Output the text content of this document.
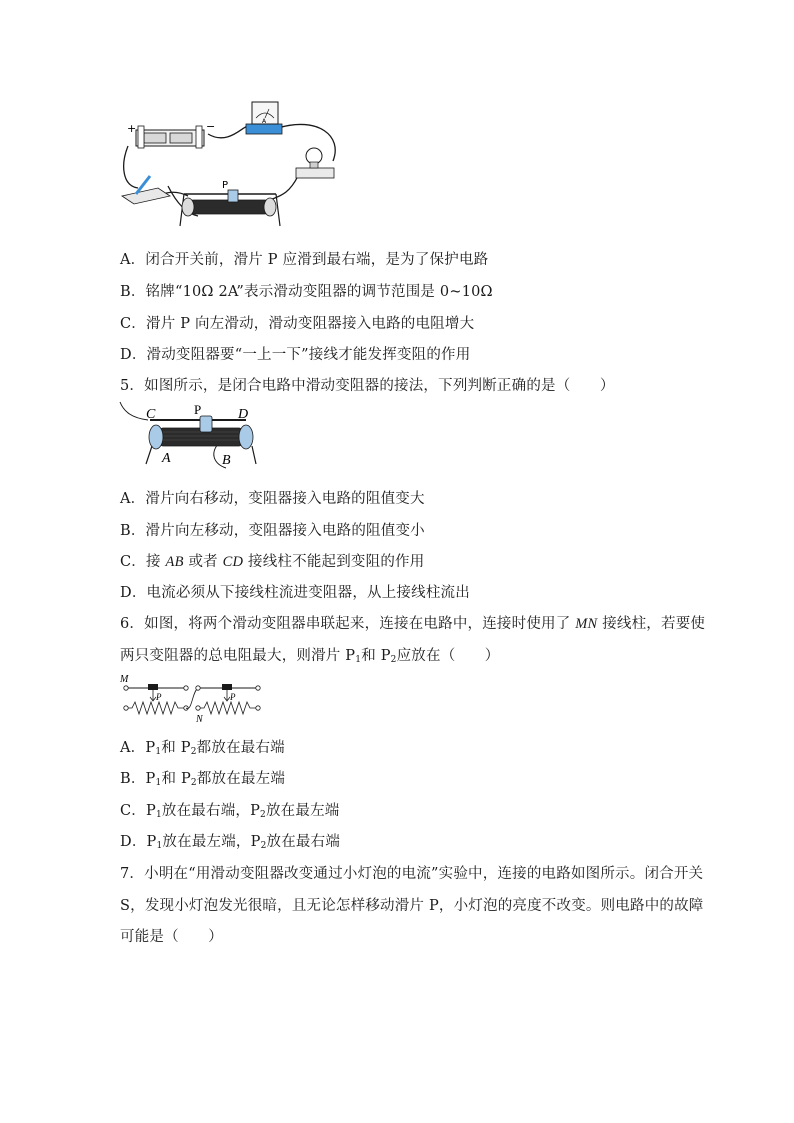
+	−	A
P
A．闭合开关前，滑片 P 应滑到最右端，是为了保护电路
B．铭牌“10Ω 2A”表示滑动变阻器的调节范围是 0~10Ω
C．滑片 P 向左滑动，滑动变阻器接入电路的电阻增大
D．滑动变阻器要“一上一下”接线才能发挥变阻的作用
5．如图所示，是闭合电路中滑动变阻器的接法，下列判断正确的是（　　）
C	P	D
A	B
A．滑片向右移动，变阻器接入电路的阻值变大
B．滑片向左移动，变阻器接入电路的阻值变小
C．接 AB 或者 CD 接线柱不能起到变阻的作用
D．电流必须从下接线柱流进变阻器，从上接线柱流出
6．如图，将两个滑动变阻器串联起来，连接在电路中，连接时使用了 MN 接线柱，若要使
两只变阻器的总电阻最大，则滑片 $P_1$和 $P_2$应放在（　　）
M
N
P	P
A．$P_1$和 $P_2$都放在最右端
B．$P_1$和 $P_2$都放在最左端
C．$P_1$放在最右端，$P_2$放在最左端
D．$P_1$放在最左端，$P_2$放在最右端
7．小明在“用滑动变阻器改变通过小灯泡的电流”实验中，连接的电路如图所示。闭合开关
S，发现小灯泡发光很暗，且无论怎样移动滑片 P，小灯泡的亮度不改变。则电路中的故障
可能是（　　）
